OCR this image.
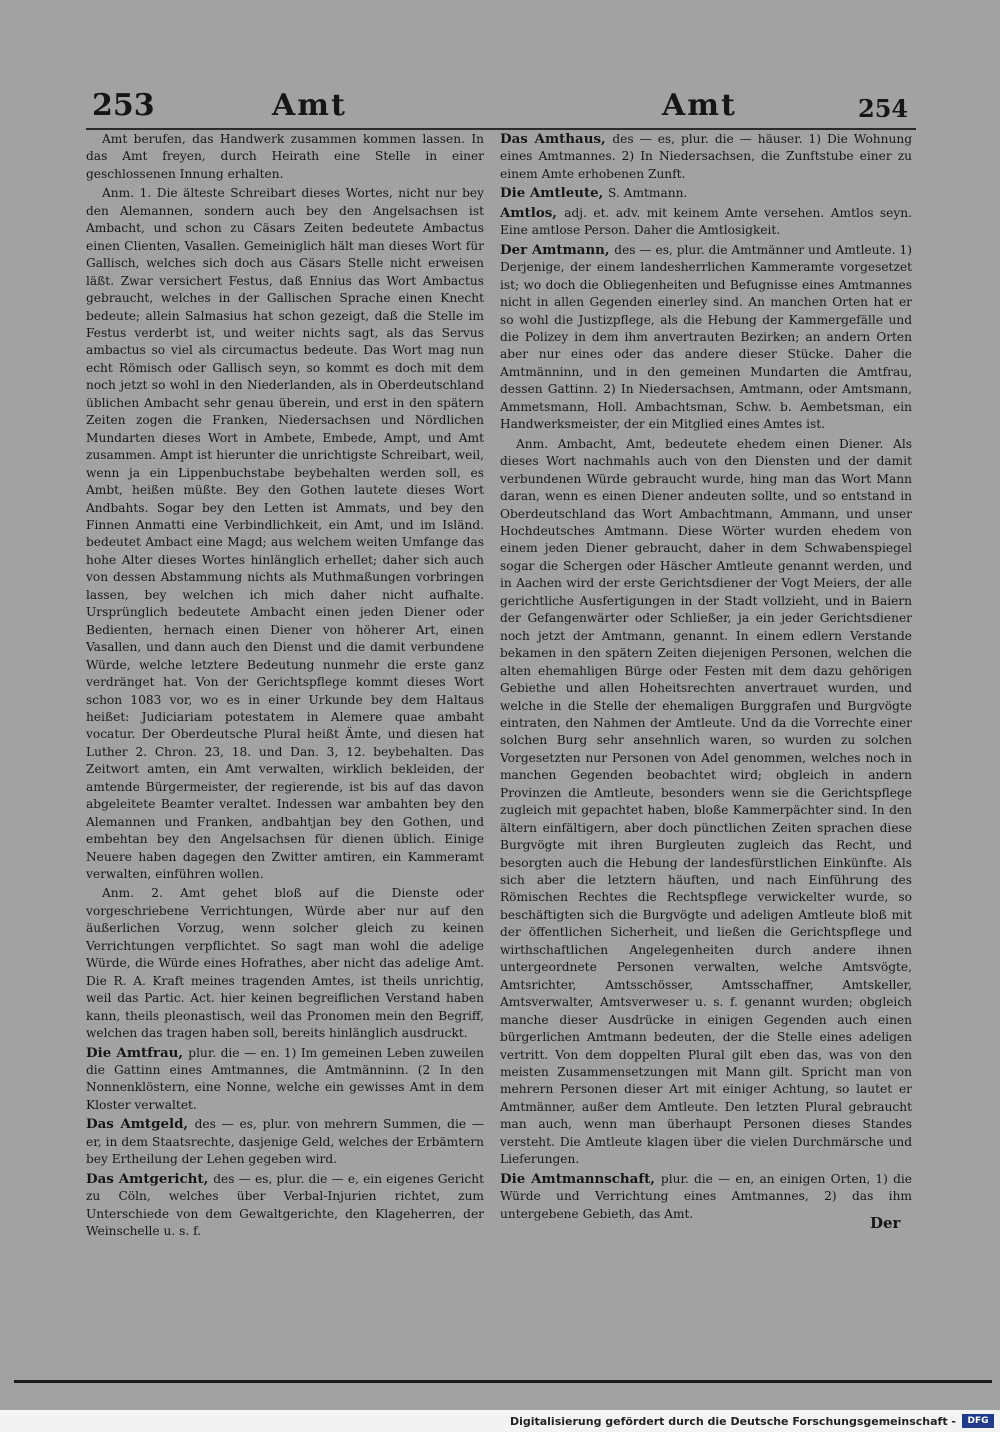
253	Amt	Amt	254

Amt berufen, das Handwerk zusammen kommen lassen. In das Amt freyen, durch Heirath eine Stelle in einer geschlossenen Innung erhalten.

Anm. 1. Die älteste Schreibart dieses Wortes, nicht nur bey den Alemannen, sondern auch bey den Angelsachsen ist Ambacht, und schon zu Cäsars Zeiten bedeutete Ambactus einen Clienten, Vasallen. Gemeiniglich hält man dieses Wort für Gallisch, welches sich doch aus Cäsars Stelle nicht erweisen läßt. Zwar versichert Festus, daß Ennius das Wort Ambactus gebraucht, welches in der Gallischen Sprache einen Knecht bedeute; allein Salmasius hat schon gezeigt, daß die Stelle im Festus verderbt ist, und weiter nichts sagt, als das Servus ambactus so viel als circumactus bedeute. Das Wort mag nun echt Römisch oder Gallisch seyn, so kommt es doch mit dem noch jetzt so wohl in den Niederlanden, als in Oberdeutschland üblichen Ambacht sehr genau überein, und erst in den spätern Zeiten zogen die Franken, Niedersachsen und Nördlichen Mundarten dieses Wort in Ambete, Embede, Ampt, und Amt zusammen. Ampt ist hierunter die unrichtigste Schreibart, weil, wenn ja ein Lippenbuchstabe beybehalten werden soll, es Ambt, heißen müßte. Bey den Gothen lautete dieses Wort Andbahts. Sogar bey den Letten ist Ammats, und bey den Finnen Anmatti eine Verbindlichkeit, ein Amt, und im Isländ. bedeutet Ambact eine Magd; aus welchem weiten Umfange das hohe Alter dieses Wortes hinlänglich erhellet; daher sich auch von dessen Abstammung nichts als Muthmaßungen vorbringen lassen, bey welchen ich mich daher nicht aufhalte. Ursprünglich bedeutete Ambacht einen jeden Diener oder Bedienten, hernach einen Diener von höherer Art, einen Vasallen, und dann auch den Dienst und die damit verbundene Würde, welche letztere Bedeutung nunmehr die erste ganz verdränget hat. Von der Gerichtspflege kommt dieses Wort schon 1083 vor, wo es in einer Urkunde bey dem Haltaus heißet: Judiciariam potestatem in Alemere quae ambaht vocatur. Der Oberdeutsche Plural heißt Ämte, und diesen hat Luther 2. Chron. 23, 18. und Dan. 3, 12. beybehalten. Das Zeitwort amten, ein Amt verwalten, wirklich bekleiden, der amtende Bürgermeister, der regierende, ist bis auf das davon abgeleitete Beamter veraltet. Indessen war ambahten bey den Alemannen und Franken, andbahtjan bey den Gothen, und embehtan bey den Angelsachsen für dienen üblich. Einige Neuere haben dagegen den Zwitter amtiren, ein Kammeramt verwalten, einführen wollen.

Anm. 2. Amt gehet bloß auf die Dienste oder vorgeschriebene Verrichtungen, Würde aber nur auf den äußerlichen Vorzug, wenn solcher gleich zu keinen Verrichtungen verpflichtet. So sagt man wohl die adelige Würde, die Würde eines Hofrathes, aber nicht das adelige Amt. Die R. A. Kraft meines tragenden Amtes, ist theils unrichtig, weil das Partic. Act. hier keinen begreiflichen Verstand haben kann, theils pleonastisch, weil das Pronomen mein den Begriff, welchen das tragen haben soll, bereits hinlänglich ausdruckt.

Die Amtfrau, plur. die — en. 1) Im gemeinen Leben zuweilen die Gattinn eines Amtmannes, die Amtmänninn. (2 In den Nonnenklöstern, eine Nonne, welche ein gewisses Amt in dem Kloster verwaltet.

Das Amtgeld, des — es, plur. von mehrern Summen, die — er, in dem Staatsrechte, dasjenige Geld, welches der Erbämtern bey Ertheilung der Lehen gegeben wird.

Das Amtgericht, des — es, plur. die — e, ein eigenes Gericht zu Cöln, welches über Verbal-Injurien richtet, zum Unterschiede von dem Gewaltgerichte, den Klageherren, der Weinschelle u. s. f.

Das Amthaus, des — es, plur. die — häuser. 1) Die Wohnung eines Amtmannes. 2) In Niedersachsen, die Zunftstube einer zu einem Amte erhobenen Zunft.

Die Amtleute, S. Amtmann.

Amtlos, adj. et. adv. mit keinem Amte versehen. Amtlos seyn. Eine amtlose Person. Daher die Amtlosigkeit.

Der Amtmann, des — es, plur. die Amtmänner und Amtleute. 1) Derjenige, der einem landesherrlichen Kammeramte vorgesetzet ist; wo doch die Obliegenheiten und Befugnisse eines Amtmannes nicht in allen Gegenden einerley sind. An manchen Orten hat er so wohl die Justizpflege, als die Hebung der Kammergefälle und die Polizey in dem ihm anvertrauten Bezirken; an andern Orten aber nur eines oder das andere dieser Stücke. Daher die Amtmänninn, und in den gemeinen Mundarten die Amtfrau, dessen Gattinn. 2) In Niedersachsen, Amtmann, oder Amtsmann, Ammetsmann, Holl. Ambachtsman, Schw. b. Aembetsman, ein Handwerksmeister, der ein Mitglied eines Amtes ist.

Anm. Ambacht, Amt, bedeutete ehedem einen Diener. Als dieses Wort nachmahls auch von den Diensten und der damit verbundenen Würde gebraucht wurde, hing man das Wort Mann daran, wenn es einen Diener andeuten sollte, und so entstand in Oberdeutschland das Wort Ambachtmann, Ammann, und unser Hochdeutsches Amtmann. Diese Wörter wurden ehedem von einem jeden Diener gebraucht, daher in dem Schwabenspiegel sogar die Schergen oder Häscher Amtleute genannt werden, und in Aachen wird der erste Gerichtsdiener der Vogt Meiers, der alle gerichtliche Ausfertigungen in der Stadt vollzieht, und in Baiern der Gefangenwärter oder Schließer, ja ein jeder Gerichtsdiener noch jetzt der Amtmann, genannt. In einem edlern Verstande bekamen in den spätern Zeiten diejenigen Personen, welchen die alten ehemahligen Bürge oder Festen mit dem dazu gehörigen Gebiethe und allen Hoheitsrechten anvertrauet wurden, und welche in die Stelle der ehemaligen Burggrafen und Burgvögte eintraten, den Nahmen der Amtleute. Und da die Vorrechte einer solchen Burg sehr ansehnlich waren, so wurden zu solchen Vorgesetzten nur Personen von Adel genommen, welches noch in manchen Gegenden beobachtet wird; obgleich in andern Provinzen die Amtleute, besonders wenn sie die Gerichtspflege zugleich mit gepachtet haben, bloße Kammerpächter sind. In den ältern einfältigern, aber doch pünctlichen Zeiten sprachen diese Burgvögte mit ihren Burgleuten zugleich das Recht, und besorgten auch die Hebung der landesfürstlichen Einkünfte. Als sich aber die letztern häuften, und nach Einführung des Römischen Rechtes die Rechtspflege verwickelter wurde, so beschäftigten sich die Burgvögte und adeligen Amtleute bloß mit der öffentlichen Sicherheit, und ließen die Gerichtspflege und wirthschaftlichen Angelegenheiten durch andere ihnen untergeordnete Personen verwalten, welche Amtsvögte, Amtsrichter, Amtsschösser, Amtsschaffner, Amtskeller, Amtsverwalter, Amtsverweser u. s. f. genannt wurden; obgleich manche dieser Ausdrücke in einigen Gegenden auch einen bürgerlichen Amtmann bedeuten, der die Stelle eines adeligen vertritt. Von dem doppelten Plural gilt eben das, was von den meisten Zusammensetzungen mit Mann gilt. Spricht man von mehrern Personen dieser Art mit einiger Achtung, so lautet er Amtmänner, außer dem Amtleute. Den letzten Plural gebraucht man auch, wenn man überhaupt Personen dieses Standes versteht. Die Amtleute klagen über die vielen Durchmärsche und Lieferungen.

Die Amtmannschaft, plur. die — en, an einigen Orten, 1) die Würde und Verrichtung eines Amtmannes, 2) das ihm untergebene Gebieth, das Amt.

Der
Digitalisierung gefördert durch die Deutsche Forschungsgemeinschaft -	DFG
